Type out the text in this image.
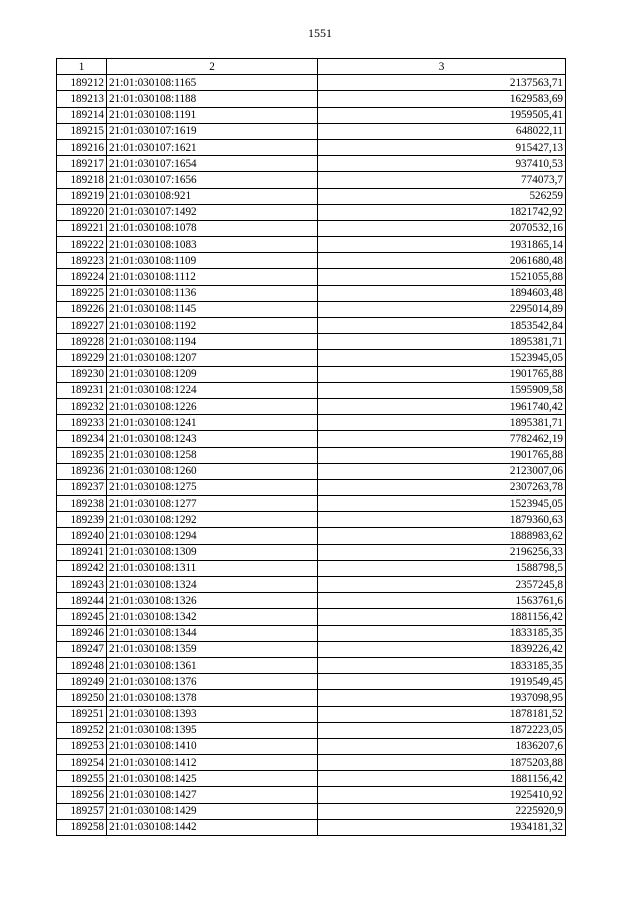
1551
1	2	3
189212	21:01:030108:1165	2137563,71
189213	21:01:030108:1188	1629583,69
189214	21:01:030108:1191	1959505,41
189215	21:01:030107:1619	648022,11
189216	21:01:030107:1621	915427,13
189217	21:01:030107:1654	937410,53
189218	21:01:030107:1656	774073,7
189219	21:01:030108:921	526259
189220	21:01:030107:1492	1821742,92
189221	21:01:030108:1078	2070532,16
189222	21:01:030108:1083	1931865,14
189223	21:01:030108:1109	2061680,48
189224	21:01:030108:1112	1521055,88
189225	21:01:030108:1136	1894603,48
189226	21:01:030108:1145	2295014,89
189227	21:01:030108:1192	1853542,84
189228	21:01:030108:1194	1895381,71
189229	21:01:030108:1207	1523945,05
189230	21:01:030108:1209	1901765,88
189231	21:01:030108:1224	1595909,58
189232	21:01:030108:1226	1961740,42
189233	21:01:030108:1241	1895381,71
189234	21:01:030108:1243	7782462,19
189235	21:01:030108:1258	1901765,88
189236	21:01:030108:1260	2123007,06
189237	21:01:030108:1275	2307263,78
189238	21:01:030108:1277	1523945,05
189239	21:01:030108:1292	1879360,63
189240	21:01:030108:1294	1888983,62
189241	21:01:030108:1309	2196256,33
189242	21:01:030108:1311	1588798,5
189243	21:01:030108:1324	2357245,8
189244	21:01:030108:1326	1563761,6
189245	21:01:030108:1342	1881156,42
189246	21:01:030108:1344	1833185,35
189247	21:01:030108:1359	1839226,42
189248	21:01:030108:1361	1833185,35
189249	21:01:030108:1376	1919549,45
189250	21:01:030108:1378	1937098,95
189251	21:01:030108:1393	1878181,52
189252	21:01:030108:1395	1872223,05
189253	21:01:030108:1410	1836207,6
189254	21:01:030108:1412	1875203,88
189255	21:01:030108:1425	1881156,42
189256	21:01:030108:1427	1925410,92
189257	21:01:030108:1429	2225920,9
189258	21:01:030108:1442	1934181,32
